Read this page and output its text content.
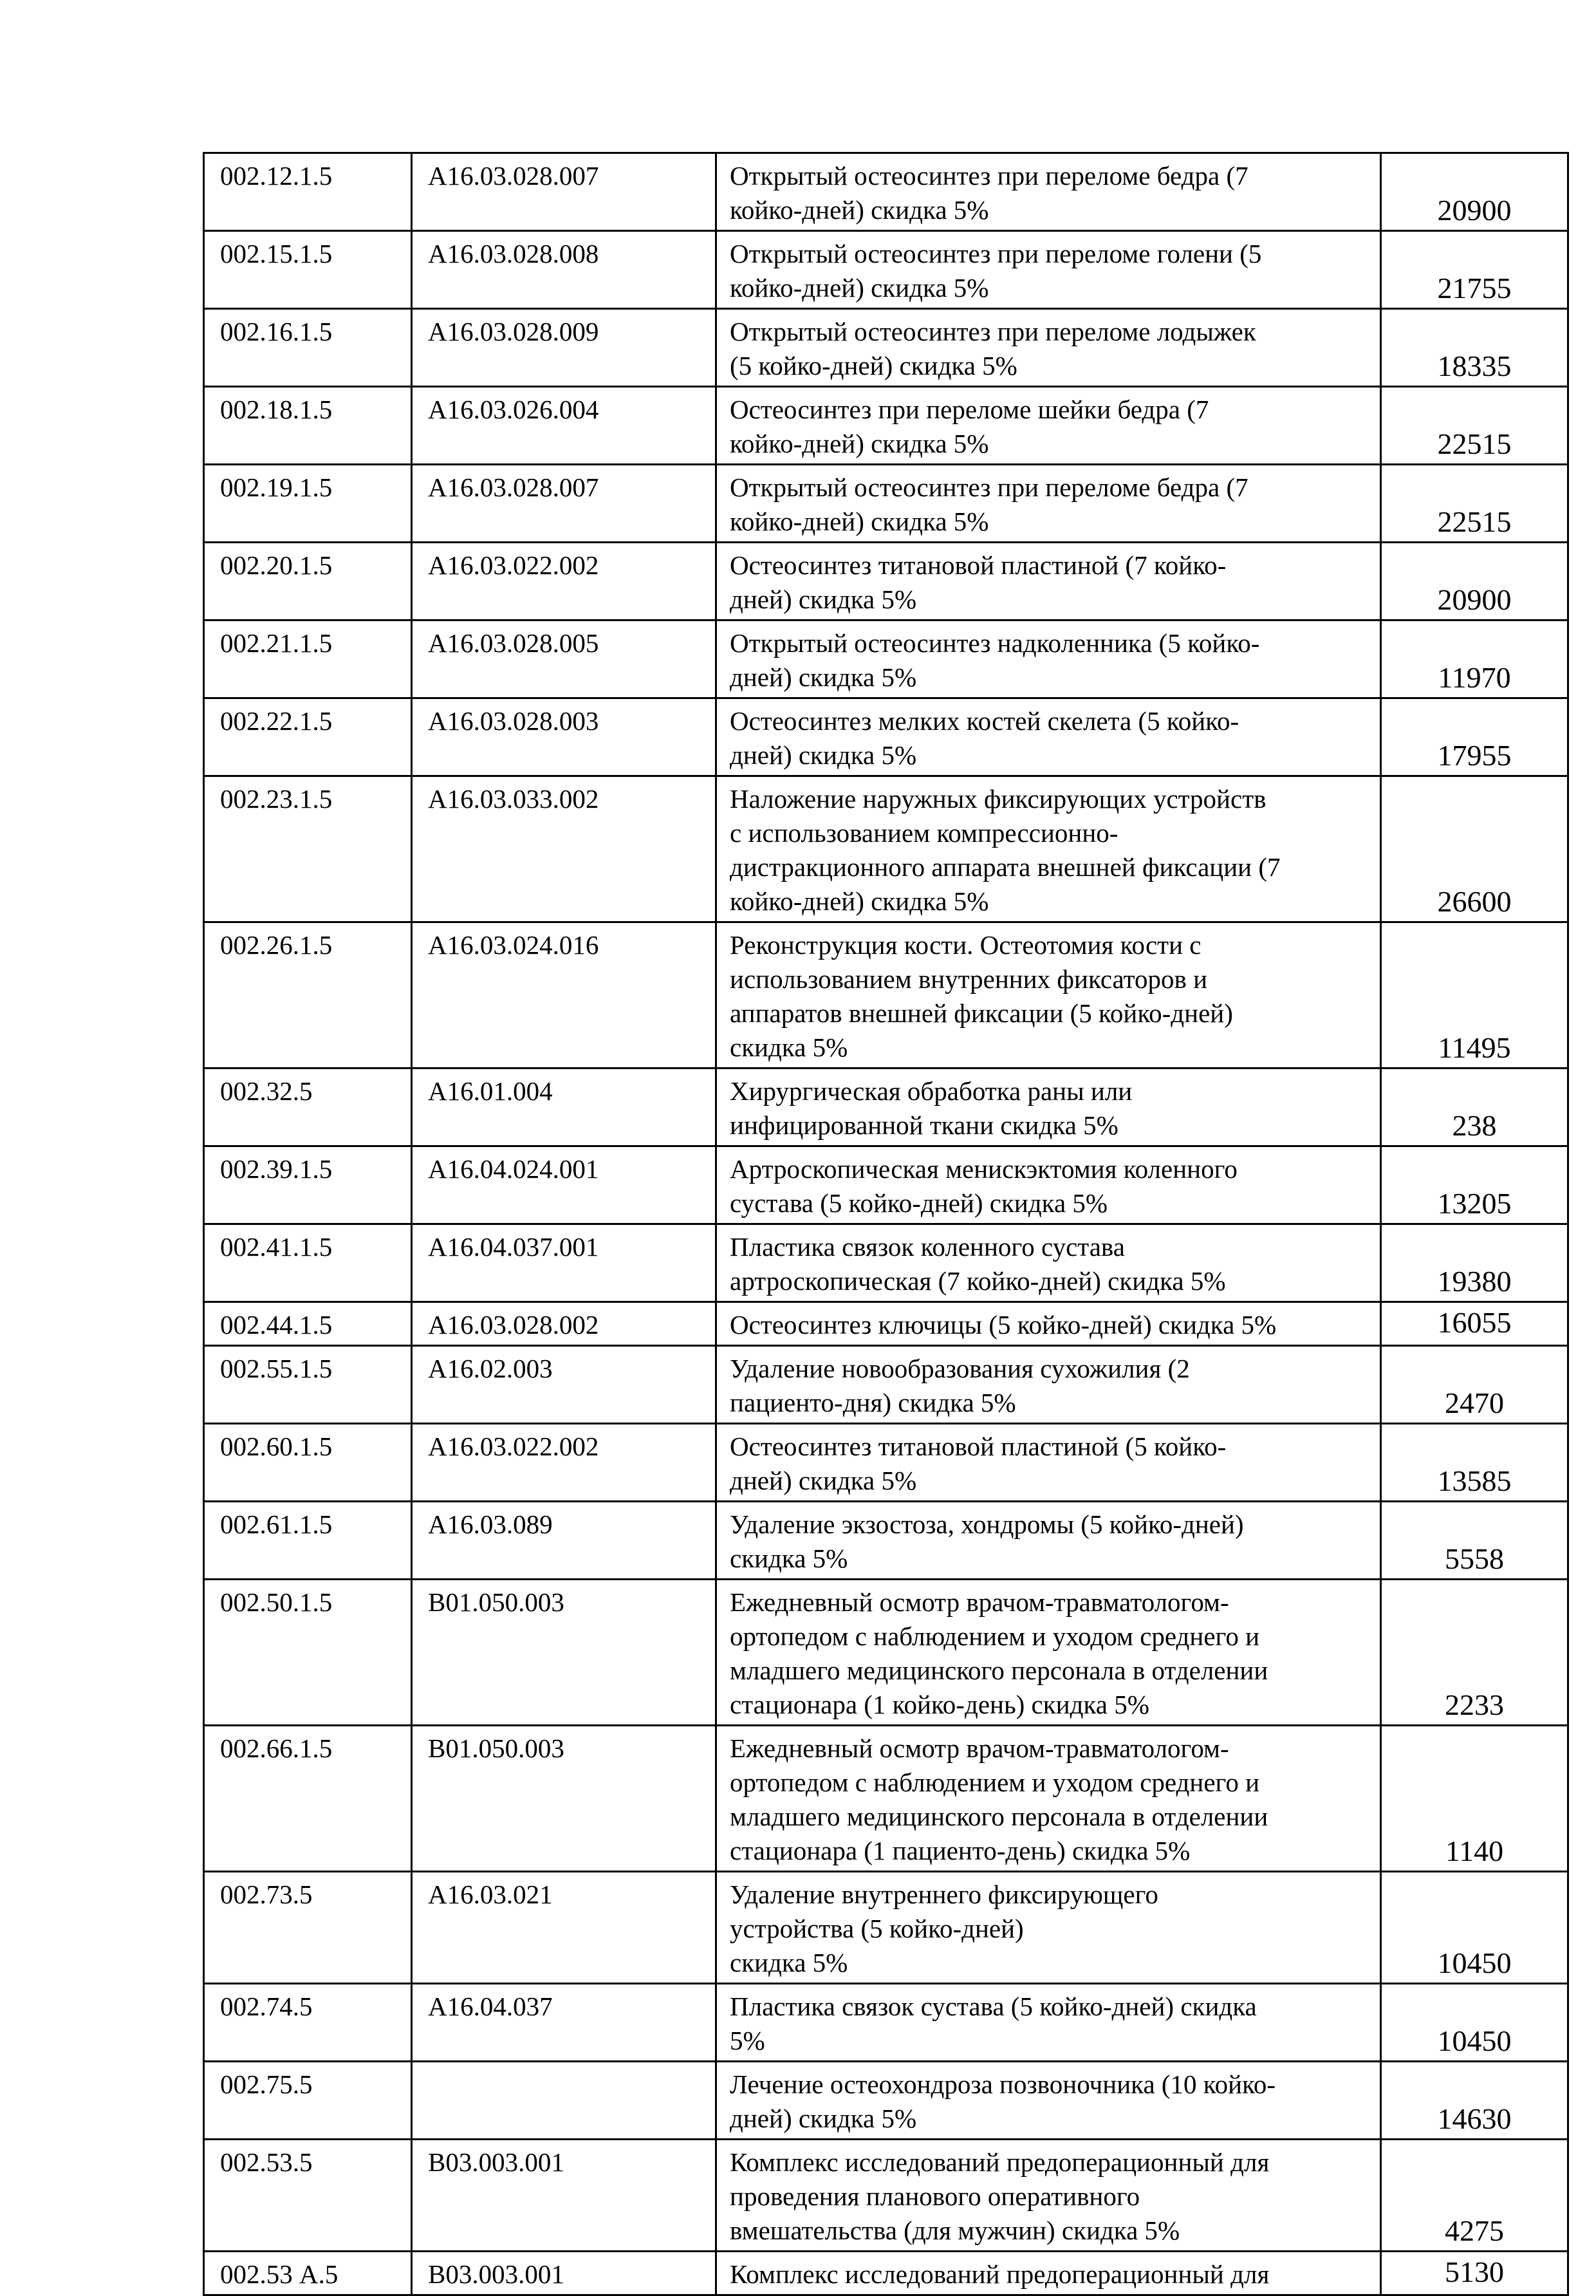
002.12.1.5	A16.03.028.007	Открытый остеосинтез при переломе бедра (7
койко-дней) скидка 5%	20900
002.15.1.5	A16.03.028.008	Открытый остеосинтез при переломе голени (5
койко-дней) скидка 5%	21755
002.16.1.5	A16.03.028.009	Открытый остеосинтез при переломе лодыжек
(5 койко-дней) скидка 5%	18335
002.18.1.5	A16.03.026.004	Остеосинтез при переломе шейки бедра (7
койко-дней) скидка 5%	22515
002.19.1.5	A16.03.028.007	Открытый остеосинтез при переломе бедра (7
койко-дней) скидка 5%	22515
002.20.1.5	A16.03.022.002	Остеосинтез титановой пластиной (7 койко-
дней) скидка 5%	20900
002.21.1.5	A16.03.028.005	Открытый остеосинтез надколенника (5 койко-
дней) скидка 5%	11970
002.22.1.5	A16.03.028.003	Остеосинтез мелких костей скелета (5 койко-
дней) скидка 5%	17955
002.23.1.5	A16.03.033.002	Наложение наружных фиксирующих устройств
с использованием компрессионно-
дистракционного аппарата внешней фиксации (7
койко-дней) скидка 5%	26600
002.26.1.5	A16.03.024.016	Реконструкция кости. Остеотомия кости с
использованием внутренних фиксаторов и
аппаратов внешней фиксации (5 койко-дней)
скидка 5%	11495
002.32.5	A16.01.004	Хирургическая обработка раны или
инфицированной ткани скидка 5%	238
002.39.1.5	A16.04.024.001	Артроскопическая менискэктомия коленного
сустава (5 койко-дней) скидка 5%	13205
002.41.1.5	A16.04.037.001	Пластика связок коленного сустава
артроскопическая (7 койко-дней) скидка 5%	19380
002.44.1.5	A16.03.028.002	Остеосинтез ключицы (5 койко-дней) скидка 5%	16055
002.55.1.5	A16.02.003	Удаление новообразования сухожилия (2
пациенто-дня) скидка 5%	2470
002.60.1.5	A16.03.022.002	Остеосинтез титановой пластиной (5 койко-
дней) скидка 5%	13585
002.61.1.5	A16.03.089	Удаление экзостоза, хондромы (5 койко-дней)
скидка 5%	5558
002.50.1.5	B01.050.003	Ежедневный осмотр врачом-травматологом-
ортопедом с наблюдением и уходом среднего и
младшего медицинского персонала в отделении
стационара (1 койко-день) скидка 5%	2233
002.66.1.5	B01.050.003	Ежедневный осмотр врачом-травматологом-
ортопедом с наблюдением и уходом среднего и
младшего медицинского персонала в отделении
стационара (1 пациенто-день) скидка 5%	1140
002.73.5	A16.03.021	Удаление внутреннего фиксирующего
устройства (5 койко-дней)
скидка 5%	10450
002.74.5	A16.04.037	Пластика связок сустава (5 койко-дней) скидка
5%	10450
002.75.5		Лечение остеохондроза позвоночника (10 койко-
дней) скидка 5%	14630
002.53.5	B03.003.001	Комплекс исследований предоперационный для
проведения планового оперативного
вмешательства (для мужчин) скидка 5%	4275
002.53 А.5	B03.003.001	Комплекс исследований предоперационный для	5130
